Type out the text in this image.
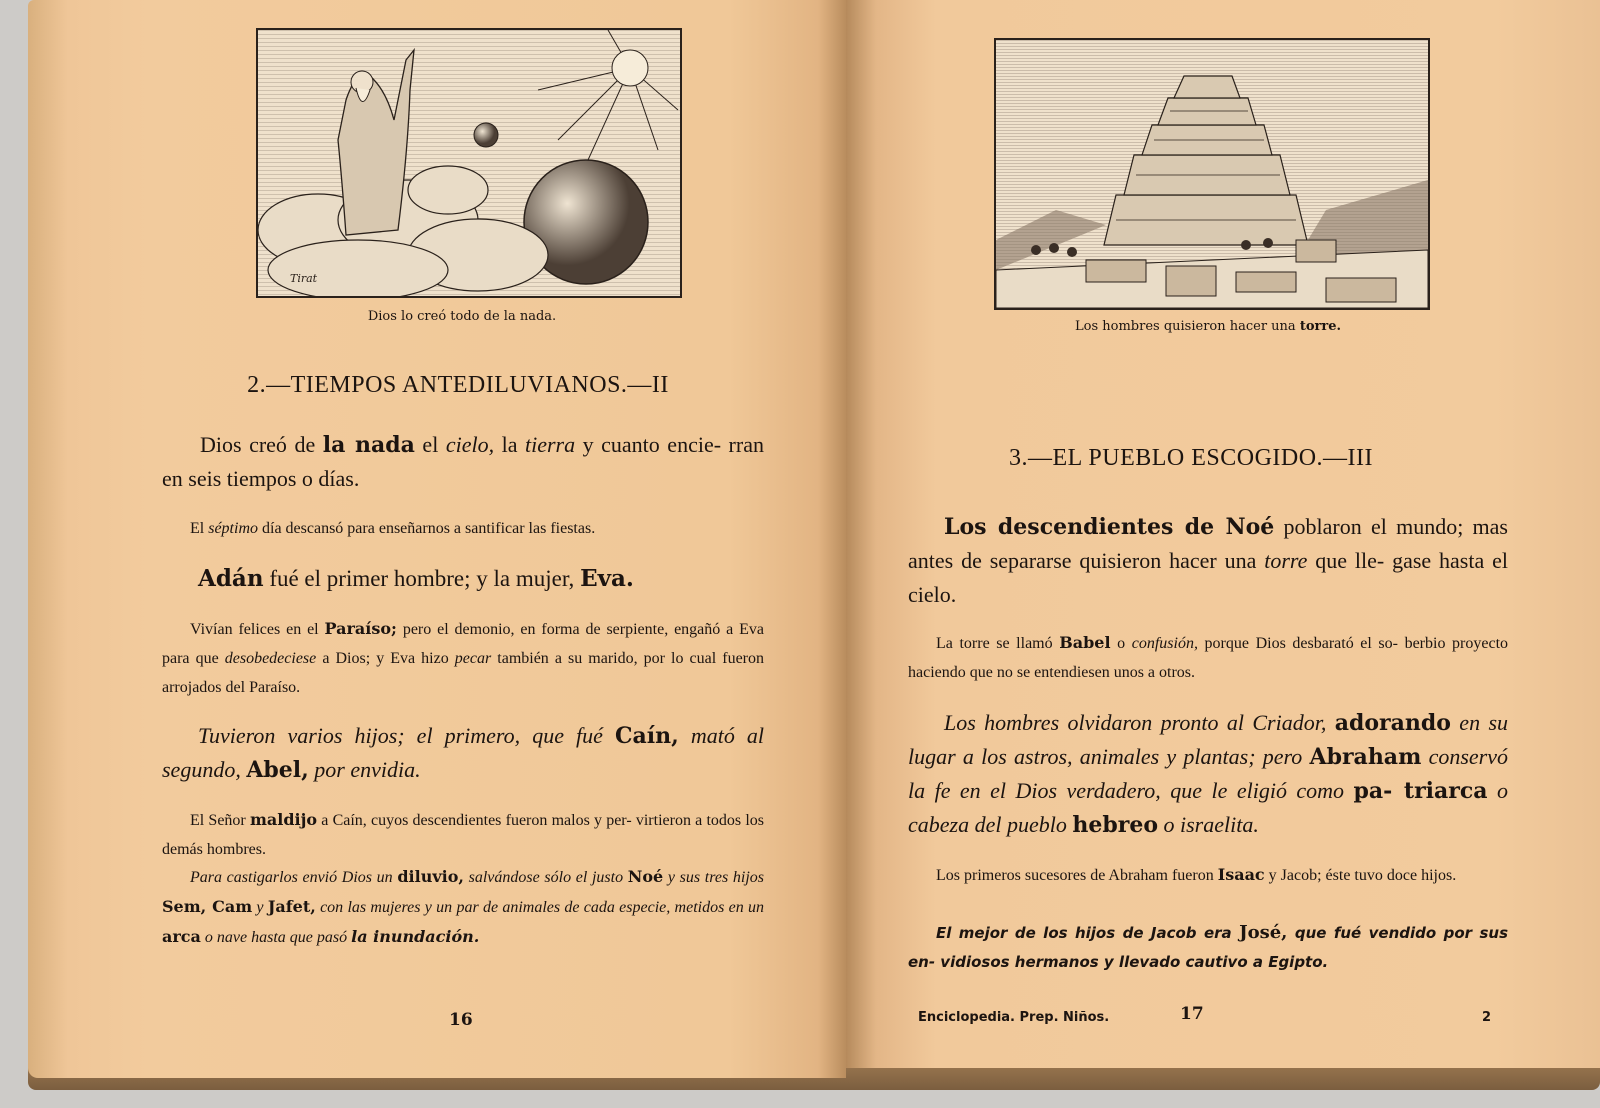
Tirat
Dios lo creó todo de la nada.
2.—TIEMPOS ANTEDILUVIANOS.—II

Dios creó de la nada el cielo, la tierra y cuanto encie- rran en seis tiempos o días.

El séptimo día descansó para enseñarnos a santificar las fiestas.

Adán fué el primer hombre; y la mujer, Eva.

Vivían felices en el Paraíso; pero el demonio, en forma de serpiente, engañó a Eva para que desobedeciese a Dios; y Eva hizo pecar también a su marido, por lo cual fueron arrojados del Paraíso.

Tuvieron varios hijos; el primero, que fué Caín, mató al segundo, Abel, por envidia.

El Señor maldijo a Caín, cuyos descendientes fueron malos y per- virtieron a todos los demás hombres.

Para castigarlos envió Dios un diluvio, salvándose sólo el justo Noé y sus tres hijos Sem, Cam y Jafet, con las mujeres y un par de animales de cada especie, metidos en un arca o nave hasta que pasó la inundación.

16
Los hombres quisieron hacer una torre.
3.—EL PUEBLO ESCOGIDO.—III

Los descendientes de Noé poblaron el mundo; mas antes de separarse quisieron hacer una torre que lle- gase hasta el cielo.

La torre se llamó Babel o confusión, porque Dios desbarató el so- berbio proyecto haciendo que no se entendiesen unos a otros.

Los hombres olvidaron pronto al Criador, adorando en su lugar a los astros, animales y plantas; pero Abraham conservó la fe en el Dios verdadero, que le eligió como pa- triarca o cabeza del pueblo hebreo o israelita.

Los primeros sucesores de Abraham fueron Isaac y Jacob; éste tuvo doce hijos.

El mejor de los hijos de Jacob era José, que fué vendido por sus en- vidiosos hermanos y llevado cautivo a Egipto.

Enciclopedia. Prep. Niños.	17	2
